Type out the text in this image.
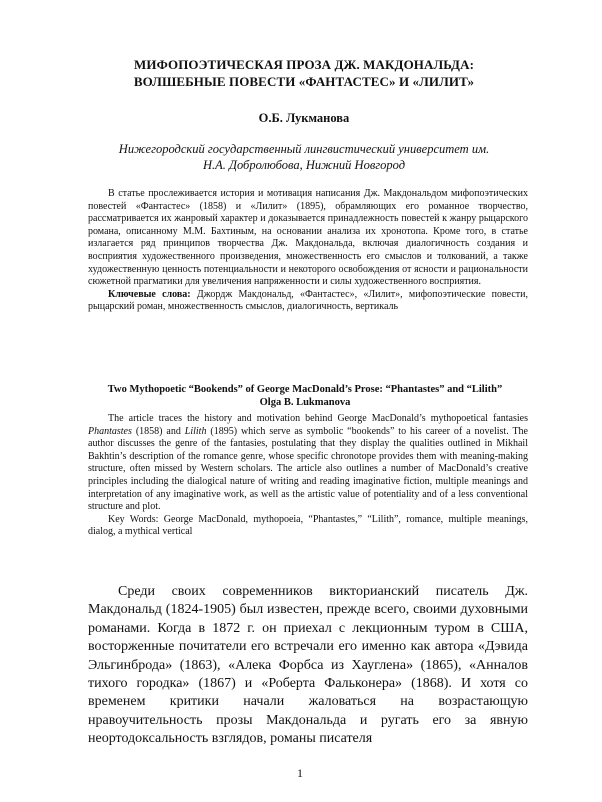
МИФОПОЭТИЧЕСКАЯ ПРОЗА ДЖ. МАКДОНАЛЬДА:
ВОЛШЕБНЫЕ ПОВЕСТИ «ФАНТАСТЕС» И «ЛИЛИТ»
О.Б. Лукманова
Нижегородский государственный лингвистический университет им.
Н.А. Добролюбова, Нижний Новгород

В статье прослеживается история и мотивация написания Дж. Макдональдом мифопоэтических повестей «Фантастес» (1858) и «Лилит» (1895), обрамляющих его романное творчество, рассматривается их жанровый характер и доказывается принадлежность повестей к жанру рыцарского романа, описанному М.М. Бахтиным, на основании анализа их хронотопа. Кроме того, в статье излагается ряд принципов творчества Дж. Макдональда, включая диалогичность создания и восприятия художественного произведения, множественность его смыслов и толкований, а также художественную ценность потенциальности и некоторого освобождения от ясности и рациональности сюжетной прагматики для увеличения напряженности и силы художественного восприятия.

Ключевые слова: Джордж Макдональд, «Фантастес», «Лилит», мифопоэтические повести, рыцарский роман, множественность смыслов, диалогичность, вертикаль

Two Mythopoetic “Bookends” of George MacDonald’s Prose: “Phantastes” and “Lilith”
Olga B. Lukmanova

The article traces the history and motivation behind George MacDonald’s mythopoetical fantasies Phantastes (1858) and Lilith (1895) which serve as symbolic “bookends” to his career of a novelist. The author discusses the genre of the fantasies, postulating that they display the qualities outlined in Mikhail Bakhtin’s description of the romance genre, whose specific chronotope provides them with meaning-making structure, often missed by Western scholars. The article also outlines a number of MacDonald’s creative principles including the dialogical nature of writing and reading imaginative fiction, multiple meanings and interpretation of any imaginative work, as well as the artistic value of potentiality and of a less conventional structure and plot.

Key Words: George MacDonald, mythopoeia, “Phantastes,” “Lilith”, romance, multiple meanings, dialog, a mythical vertical

Среди своих современников викторианский писатель Дж. Макдональд (1824-1905) был известен, прежде всего, своими духовными романами. Когда в 1872 г. он приехал с лекционным туром в США, восторженные почитатели его встречали его именно как автора «Дэвида Эльгинброда» (1863), «Алека Форбса из Хауглена» (1865), «Анналов тихого городка» (1867) и «Роберта Фальконера» (1868). И хотя со временем критики начали жаловаться на возрастающую нравоучительность прозы Макдональда и ругать его за явную неортодоксальность взглядов, романы писателя

1
